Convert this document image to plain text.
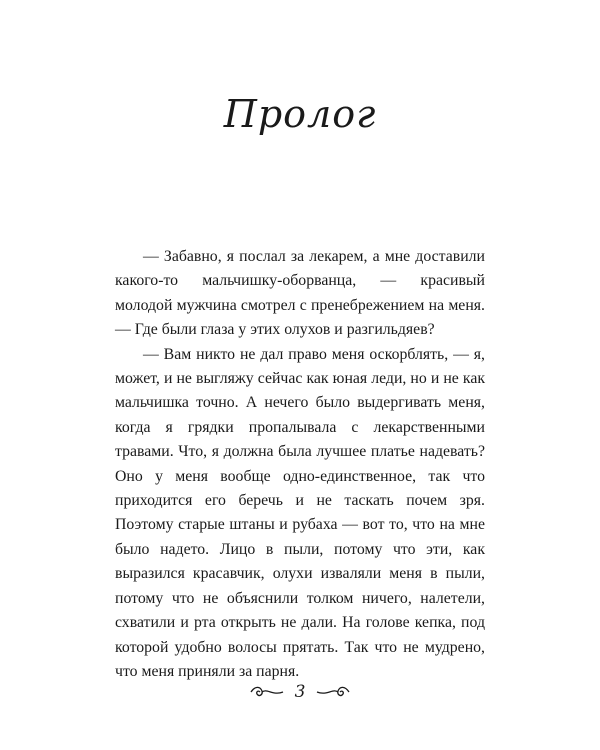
Пролог

— Забавно, я послал за лекарем, а мне доставили какого-то мальчишку-оборванца, — красивый молодой мужчина смотрел с пренебрежением на меня. — Где были глаза у этих олухов и разгильдяев?

— Вам никто не дал право меня оскорблять, — я, может, и не выгляжу сейчас как юная леди, но и не как мальчишка точно. А нечего было выдергивать меня, когда я грядки пропалывала с лекарственными травами. Что, я должна была лучшее платье надевать? Оно у меня вообще одно-единственное, так что приходится его беречь и не таскать почем зря. Поэтому старые штаны и рубаха — вот то, что на мне было надето. Лицо в пыли, потому что эти, как выразился красавчик, олухи изваляли меня в пыли, потому что не объяснили толком ничего, налетели, схватили и рта открыть не дали. На голове кепка, под которой удобно волосы прятать. Так что не мудрено, что меня приняли за парня.

3
